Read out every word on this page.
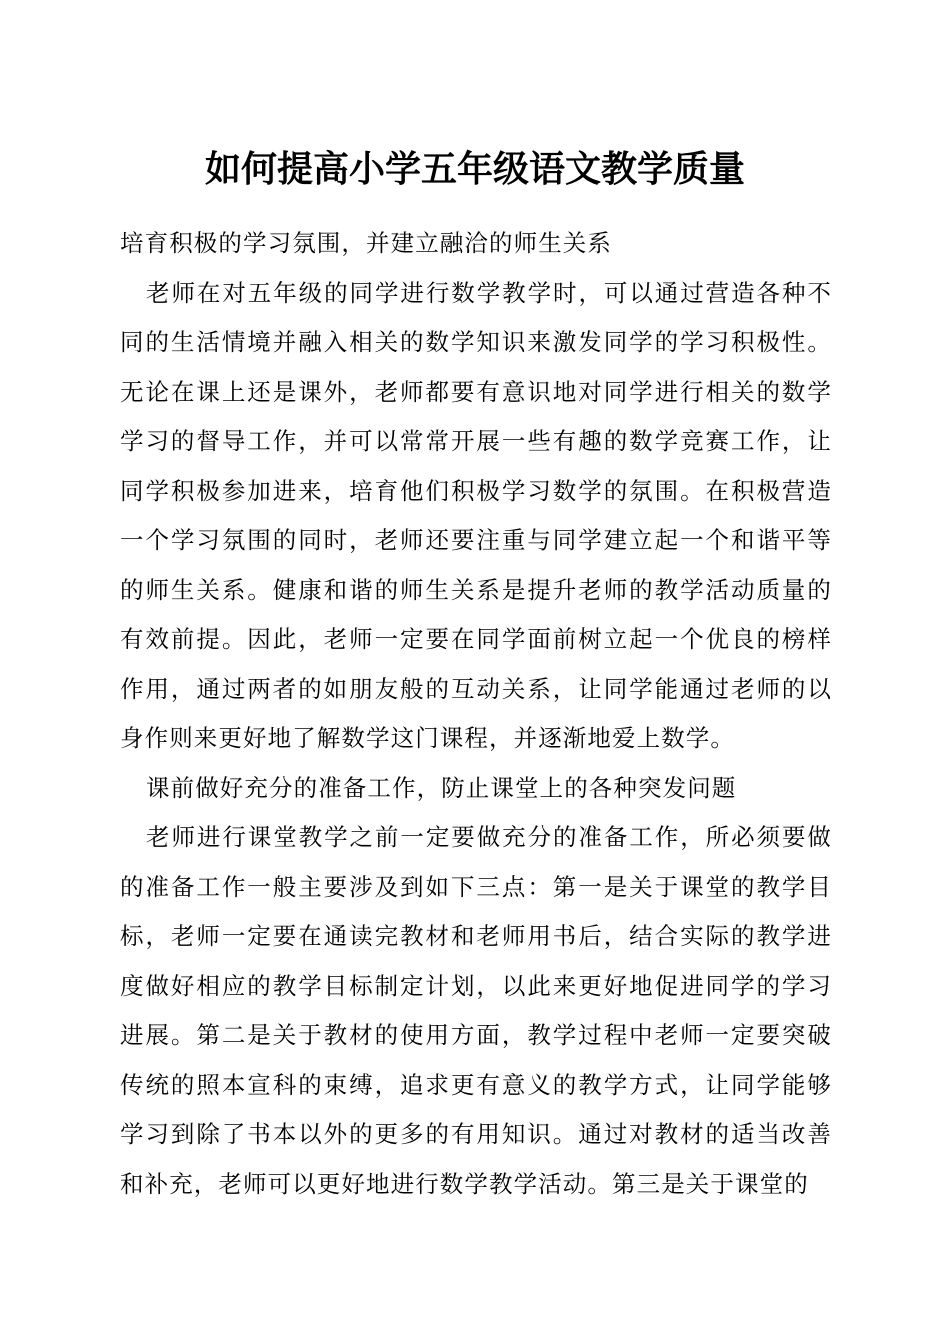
如何提高小学五年级语文教学质量

培育积极的学习氛围，并建立融洽的师生关系

老师在对五年级的同学进行数学教学时，可以通过营造各种不同的生活情境并融入相关的数学知识来激发同学的学习积极性。无论在课上还是课外，老师都要有意识地对同学进行相关的数学学习的督导工作，并可以常常开展一些有趣的数学竞赛工作，让同学积极参加进来，培育他们积极学习数学的氛围。在积极营造一个学习氛围的同时，老师还要注重与同学建立起一个和谐平等的师生关系。健康和谐的师生关系是提升老师的教学活动质量的有效前提。因此，老师一定要在同学面前树立起一个优良的榜样作用，通过两者的如朋友般的互动关系，让同学能通过老师的以身作则来更好地了解数学这门课程，并逐渐地爱上数学。

课前做好充分的准备工作，防止课堂上的各种突发问题

老师进行课堂教学之前一定要做充分的准备工作，所必须要做的准备工作一般主要涉及到如下三点：第一是关于课堂的教学目标，老师一定要在通读完教材和老师用书后，结合实际的教学进度做好相应的教学目标制定计划，以此来更好地促进同学的学习进展。第二是关于教材的使用方面，教学过程中老师一定要突破传统的照本宣科的束缚，追求更有意义的教学方式，让同学能够学习到除了书本以外的更多的有用知识。通过对教材的适当改善和补充，老师可以更好地进行数学教学活动。第三是关于课堂的
